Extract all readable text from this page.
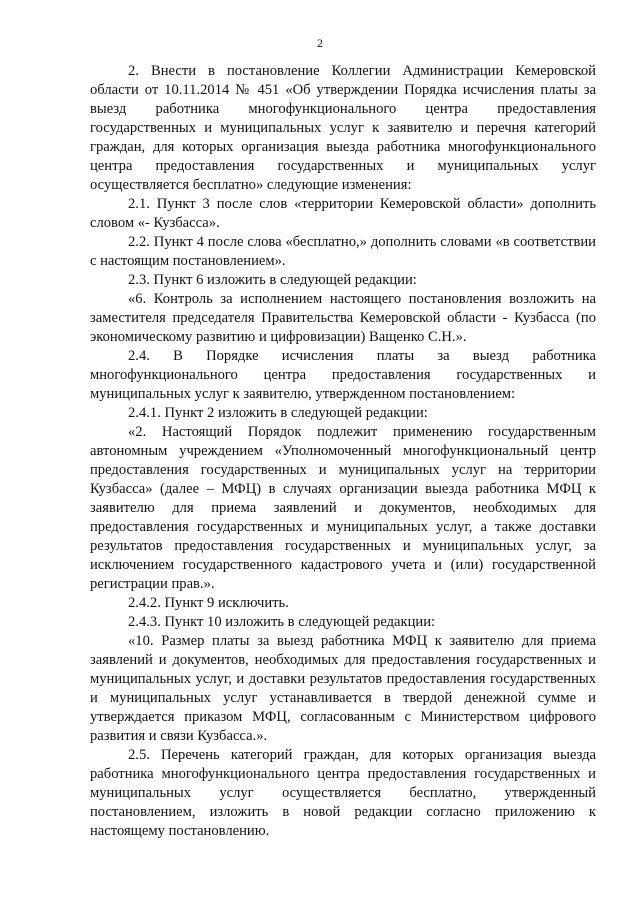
2

2. Внести в постановление Коллегии Администрации Кемеровской области от 10.11.2014 № 451 «Об утверждении Порядка исчисления платы за выезд работника многофункционального центра предоставления государственных и муниципальных услуг к заявителю и перечня категорий граждан, для которых организация выезда работника многофункционального центра предоставления государственных и муниципальных услуг осуществляется бесплатно» следующие изменения:

2.1. Пункт 3 после слов «территории Кемеровской области» дополнить словом «- Кузбасса».

2.2. Пункт 4 после слова «бесплатно,» дополнить словами «в соответствии с настоящим постановлением».

2.3. Пункт 6 изложить в следующей редакции:

«6. Контроль за исполнением настоящего постановления возложить на заместителя председателя Правительства Кемеровской области - Кузбасса (по экономическому развитию и цифровизации) Ващенко С.Н.».

2.4. В Порядке исчисления платы за выезд работника многофункционального центра предоставления государственных и муниципальных услуг к заявителю, утвержденном постановлением:

2.4.1. Пункт 2 изложить в следующей редакции:

«2. Настоящий Порядок подлежит применению государственным автономным учреждением «Уполномоченный многофункциональный центр предоставления государственных и муниципальных услуг на территории Кузбасса» (далее – МФЦ) в случаях организации выезда работника МФЦ к заявителю для приема заявлений и документов, необходимых для предоставления государственных и муниципальных услуг, а также доставки результатов предоставления государственных и муниципальных услуг, за исключением государственного кадастрового учета и (или) государственной регистрации прав.».

2.4.2. Пункт 9 исключить.

2.4.3. Пункт 10 изложить в следующей редакции:

«10. Размер платы за выезд работника МФЦ к заявителю для приема заявлений и документов, необходимых для предоставления государственных и муниципальных услуг, и доставки результатов предоставления государственных и муниципальных услуг устанавливается в твердой денежной сумме и утверждается приказом МФЦ, согласованным с Министерством цифрового развития и связи Кузбасса.».

2.5. Перечень категорий граждан, для которых организация выезда работника многофункционального центра предоставления государственных и муниципальных услуг осуществляется бесплатно, утвержденный постановлением, изложить в новой редакции согласно приложению к настоящему постановлению.
